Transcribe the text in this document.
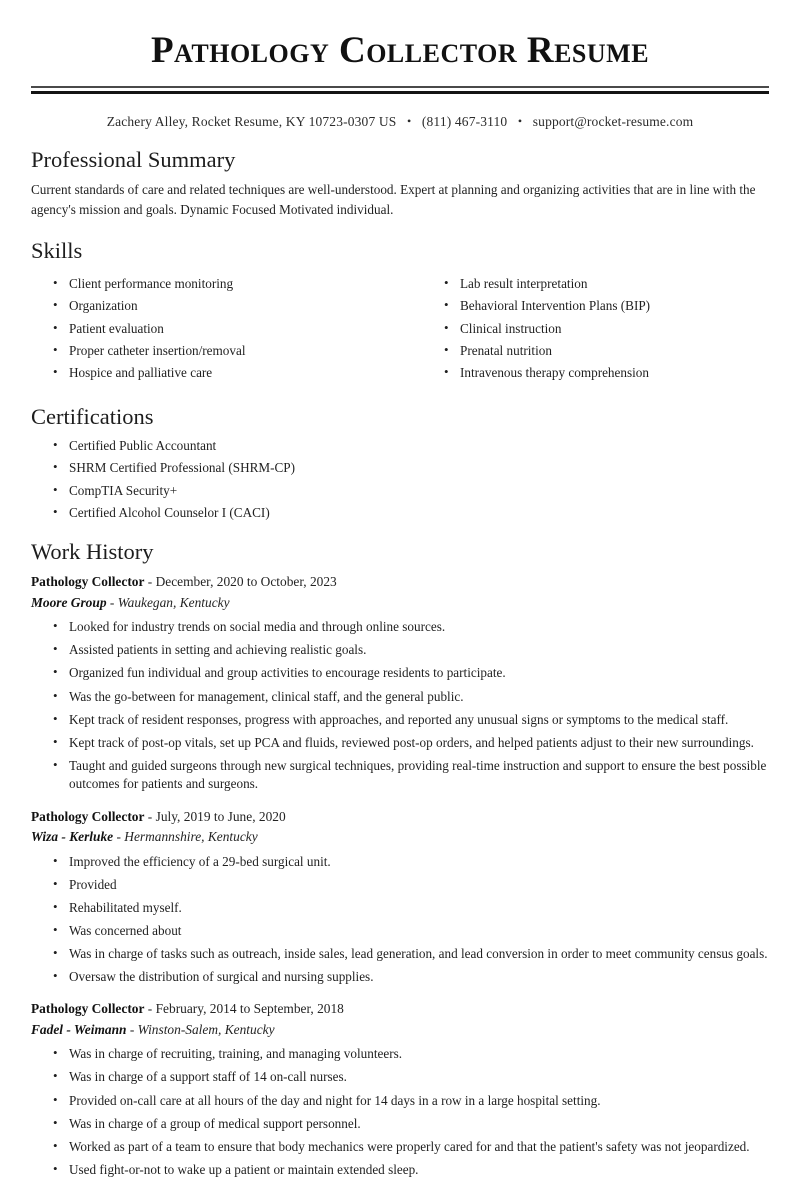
Pathology Collector Resume
Zachery Alley, Rocket Resume, KY 10723-0307 US • (811) 467-3110 • support@rocket-resume.com
Professional Summary

Current standards of care and related techniques are well-understood. Expert at planning and organizing activities that are in line with the agency's mission and goals. Dynamic Focused Motivated individual.

Skills
• Client performance monitoring
• Organization
• Patient evaluation
• Proper catheter insertion/removal
• Hospice and palliative care
• Lab result interpretation
• Behavioral Intervention Plans (BIP)
• Clinical instruction
• Prenatal nutrition
• Intravenous therapy comprehension
Certifications
• Certified Public Accountant
• SHRM Certified Professional (SHRM-CP)
• CompTIA Security+
• Certified Alcohol Counselor I (CACI)
Work History
Pathology Collector - December, 2020 to October, 2023
Moore Group - Waukegan, Kentucky
• Looked for industry trends on social media and through online sources.
• Assisted patients in setting and achieving realistic goals.
• Organized fun individual and group activities to encourage residents to participate.
• Was the go-between for management, clinical staff, and the general public.
• Kept track of resident responses, progress with approaches, and reported any unusual signs or symptoms to the medical staff.
• Kept track of post-op vitals, set up PCA and fluids, reviewed post-op orders, and helped patients adjust to their new surroundings.
• Taught and guided surgeons through new surgical techniques, providing real-time instruction and support to ensure the best possible outcomes for patients and surgeons.
Pathology Collector - July, 2019 to June, 2020
Wiza - Kerluke - Hermannshire, Kentucky
• Improved the efficiency of a 29-bed surgical unit.
• Provided
• Rehabilitated myself.
• Was concerned about
• Was in charge of tasks such as outreach, inside sales, lead generation, and lead conversion in order to meet community census goals.
• Oversaw the distribution of surgical and nursing supplies.
Pathology Collector - February, 2014 to September, 2018
Fadel - Weimann - Winston-Salem, Kentucky
• Was in charge of recruiting, training, and managing volunteers.
• Was in charge of a support staff of 14 on-call nurses.
• Provided on-call care at all hours of the day and night for 14 days in a row in a large hospital setting.
• Was in charge of a group of medical support personnel.
• Worked as part of a team to ensure that body mechanics were properly cared for and that the patient's safety was not jeopardized.
• Used fight-or-not to wake up a patient or maintain extended sleep.
